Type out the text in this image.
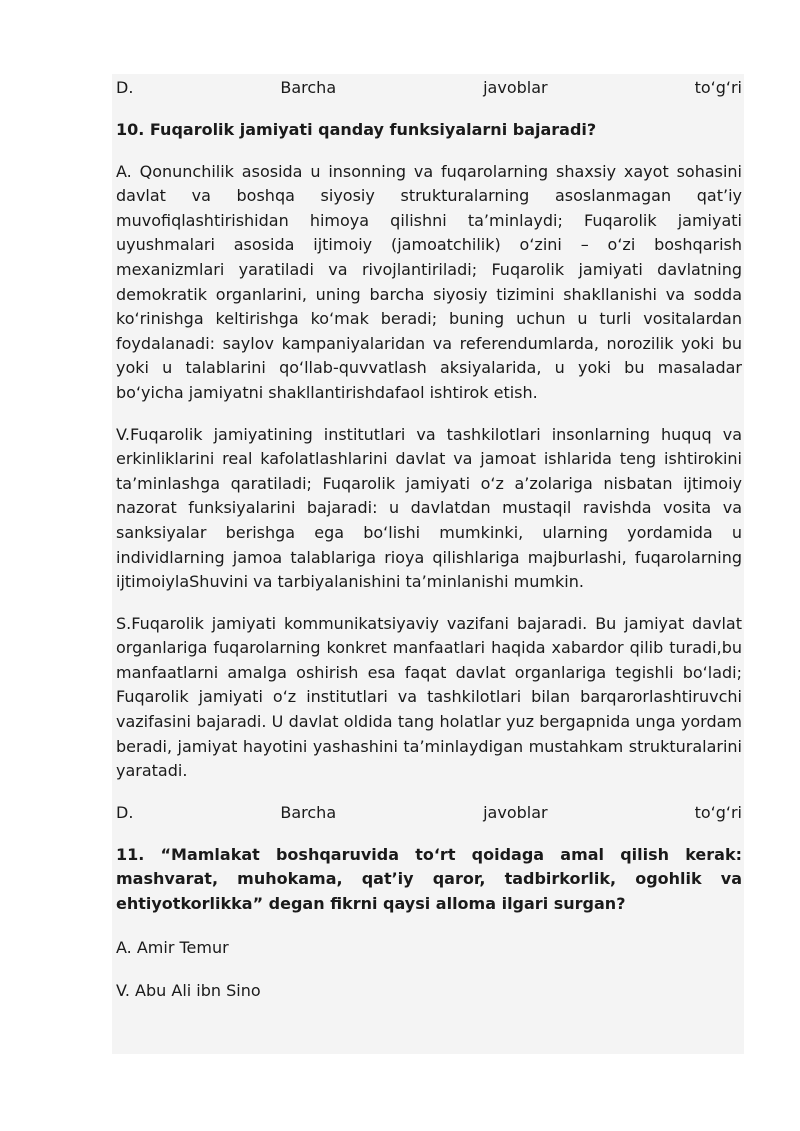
D.	Barcha	javoblar	to‘g‘ri

10. Fuqarolik jamiyati qanday funksiyalarni bajaradi?

A. Qonunchilik asosida u insonning va fuqarolarning shaxsiy xayot sohasini davlat va boshqa siyosiy strukturalarning asoslanmagan qat’iy muvofiqlashtirishidan himoya qilishni ta’minlaydi; Fuqarolik jamiyati uyushmalari asosida ijtimoiy (jamoatchilik) o‘zini – o‘zi boshqarish mexanizmlari yaratiladi va rivojlantiriladi; Fuqarolik jamiyati davlatning demokratik organlarini, uning barcha siyosiy tizimini shakllanishi va sodda ko‘rinishga keltirishga ko‘mak beradi; buning uchun u turli vositalardan foydalanadi: saylov kampaniyalaridan va referendumlarda, norozilik yoki bu yoki u talablarini qo‘llab-quvvatlash aksiyalarida, u yoki bu masaladar bo‘yicha jamiyatni shakllantirishdafaol ishtirok etish.

V.Fuqarolik jamiyatining institutlari va tashkilotlari insonlarning huquq va erkinliklarini real kafolatlashlarini davlat va jamoat ishlarida teng ishtirokini ta’minlashga qaratiladi; Fuqarolik jamiyati o‘z a’zolariga nisbatan ijtimoiy nazorat funksiyalarini bajaradi: u davlatdan mustaqil ravishda vosita va sanksiyalar berishga ega bo‘lishi mumkinki, ularning yordamida u individlarning jamoa talablariga rioya qilishlariga majburlashi, fuqarolarning ijtimoiylaShuvini va tarbiyalanishini ta’minlanishi mumkin.

S.Fuqarolik jamiyati kommunikatsiyaviy vazifani bajaradi. Bu jamiyat davlat organlariga fuqarolarning konkret manfaatlari haqida xabardor qilib turadi,bu manfaatlarni amalga oshirish esa faqat davlat organlariga tegishli bo‘ladi; Fuqarolik jamiyati o‘z institutlari va tashkilotlari bilan barqarorlashtiruvchi vazifasini bajaradi. U davlat oldida tang holatlar yuz bergapnida unga yordam beradi, jamiyat hayotini yashashini ta’minlaydigan mustahkam strukturalarini yaratadi.

D.	Barcha	javoblar	to‘g‘ri

11. “Mamlakat boshqaruvida to‘rt qoidaga amal qilish kerak: mashvarat, muhokama, qat’iy qaror, tadbirkorlik, ogohlik va ehtiyotkorlikka” degan fikrni qaysi alloma ilgari surgan?

A. Amir Temur

V. Abu Ali ibn Sino
